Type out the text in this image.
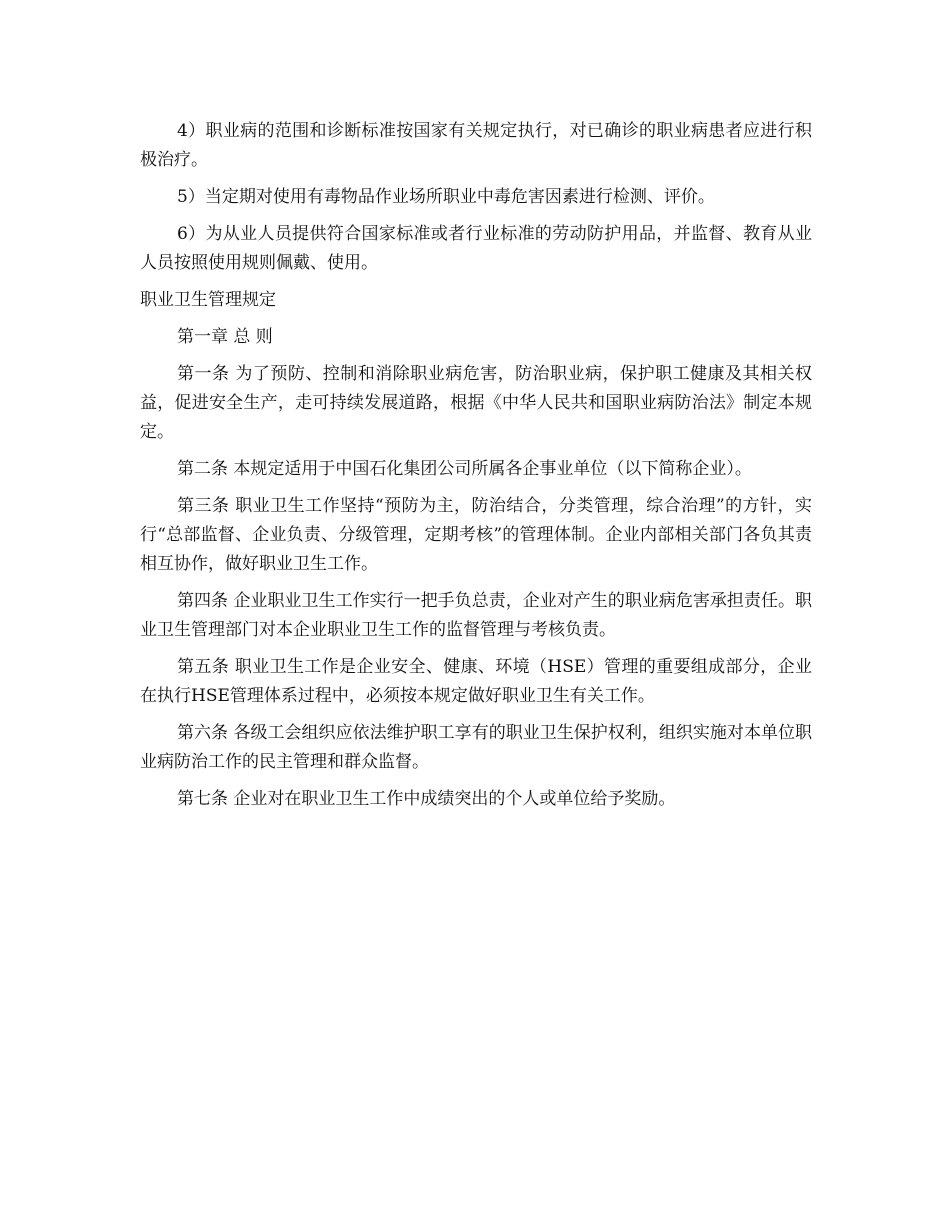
4）职业病的范围和诊断标准按国家有关规定执行，对已确诊的职业病患者应进行积极治疗。

5）当定期对使用有毒物品作业场所职业中毒危害因素进行检测、评价。

6）为从业人员提供符合国家标准或者行业标准的劳动防护用品，并监督、教育从业人员按照使用规则佩戴、使用。

职业卫生管理规定

第一章 总 则

第一条 为了预防、控制和消除职业病危害，防治职业病，保护职工健康及其相关权益，促进安全生产，走可持续发展道路，根据《中华人民共和国职业病防治法》制定本规定。

第二条 本规定适用于中国石化集团公司所属各企事业单位（以下简称企业）。

第三条 职业卫生工作坚持“预防为主，防治结合，分类管理，综合治理”的方针，实行“总部监督、企业负责、分级管理，定期考核”的管理体制。企业内部相关部门各负其责相互协作，做好职业卫生工作。

第四条 企业职业卫生工作实行一把手负总责，企业对产生的职业病危害承担责任。职业卫生管理部门对本企业职业卫生工作的监督管理与考核负责。

第五条 职业卫生工作是企业安全、健康、环境（HSE）管理的重要组成部分，企业在执行HSE管理体系过程中，必须按本规定做好职业卫生有关工作。

第六条 各级工会组织应依法维护职工享有的职业卫生保护权利，组织实施对本单位职业病防治工作的民主管理和群众监督。

第七条 企业对在职业卫生工作中成绩突出的个人或单位给予奖励。
